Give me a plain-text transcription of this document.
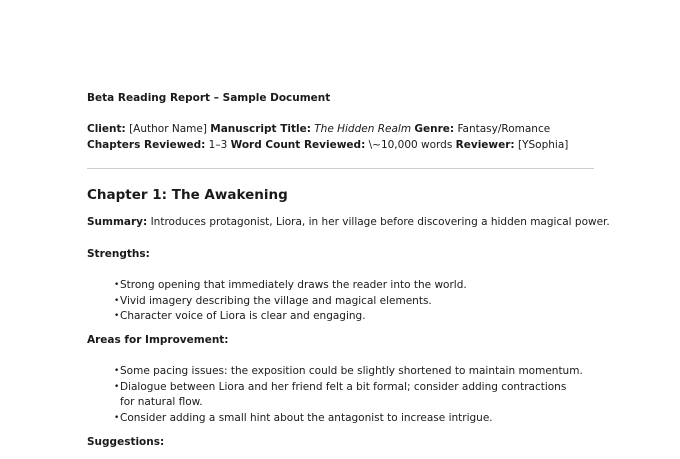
Beta Reading Report – Sample Document
Client: [Author Name] Manuscript Title: The Hidden Realm Genre: Fantasy/Romance Chapters Reviewed: 1–3 Word Count Reviewed: \~10,000 words Reviewer: [YSophia]
Chapter 1: The Awakening
Summary: Introduces protagonist, Liora, in her village before discovering a hidden magical power.
Strengths:
• Strong opening that immediately draws the reader into the world.
• Vivid imagery describing the village and magical elements.
• Character voice of Liora is clear and engaging.
Areas for Improvement:
• Some pacing issues: the exposition could be slightly shortened to maintain momentum.
• Dialogue between Liora and her friend felt a bit formal; consider adding contractions for natural flow.
• Consider adding a small hint about the antagonist to increase intrigue.
Suggestions:
